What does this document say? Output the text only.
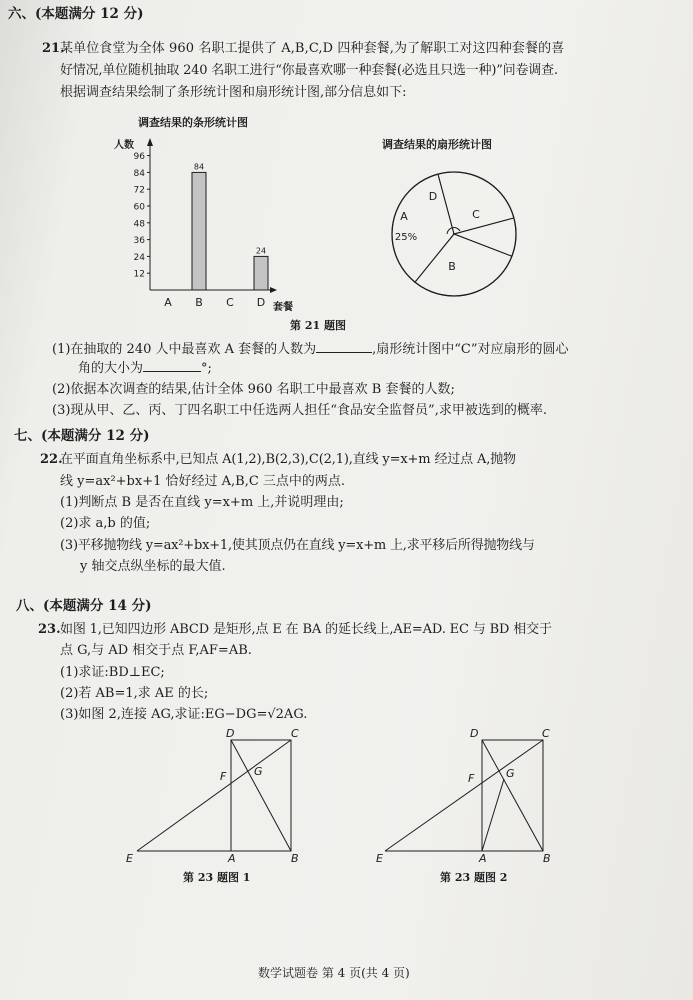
六、(本题满分 12 分)
21.
某单位食堂为全体 960 名职工提供了 A,B,C,D 四种套餐,为了解职工对这四种套餐的喜
好情况,单位随机抽取 240 名职工进行“你最喜欢哪一种套餐(必选且只选一种)”问卷调查.
根据调查结果绘制了条形统计图和扇形统计图,部分信息如下:
调查结果的条形统计图
人数
套餐
12
24
36
48
60
72
84
96
84
24
A B C D
调查结果的扇形统计图
A
B
C
D
25%
第 21 题图
(1)在抽取的 240 人中最喜欢 A 套餐的人数为	,扇形统计图中“C”对应扇形的圆心
角的大小为	°;
(2)依据本次调查的结果,估计全体 960 名职工中最喜欢 B 套餐的人数;
(3)现从甲、乙、丙、丁四名职工中任选两人担任“食品安全监督员”,求甲被选到的概率.
七、(本题满分 12 分)
22.
在平面直角坐标系中,已知点 A(1,2),B(2,3),C(2,1),直线 y=x+m 经过点 A,抛物
线 y=ax²+bx+1 恰好经过 A,B,C 三点中的两点.
(1)判断点 B 是否在直线 y=x+m 上,并说明理由;
(2)求 a,b 的值;
(3)平移抛物线 y=ax²+bx+1,使其顶点仍在直线 y=x+m 上,求平移后所得抛物线与
y 轴交点纵坐标的最大值.
八、(本题满分 14 分)
23. 如图 1,已知四边形 ABCD 是矩形,点 E 在 BA 的延长线上,AE=AD. EC 与 BD 相交于
点 G,与 AD 相交于点 F,AF=AB.
(1)求证:BD⊥EC;
(2)若 AB=1,求 AE 的长;
(3)如图 2,连接 AG,求证:EG−DG=√2AG.
D	C
F	G
E	A	B
第 23 题图 1
D	C
F	G
E	A	B
第 23 题图 2
数学试题卷 第 4 页(共 4 页)
